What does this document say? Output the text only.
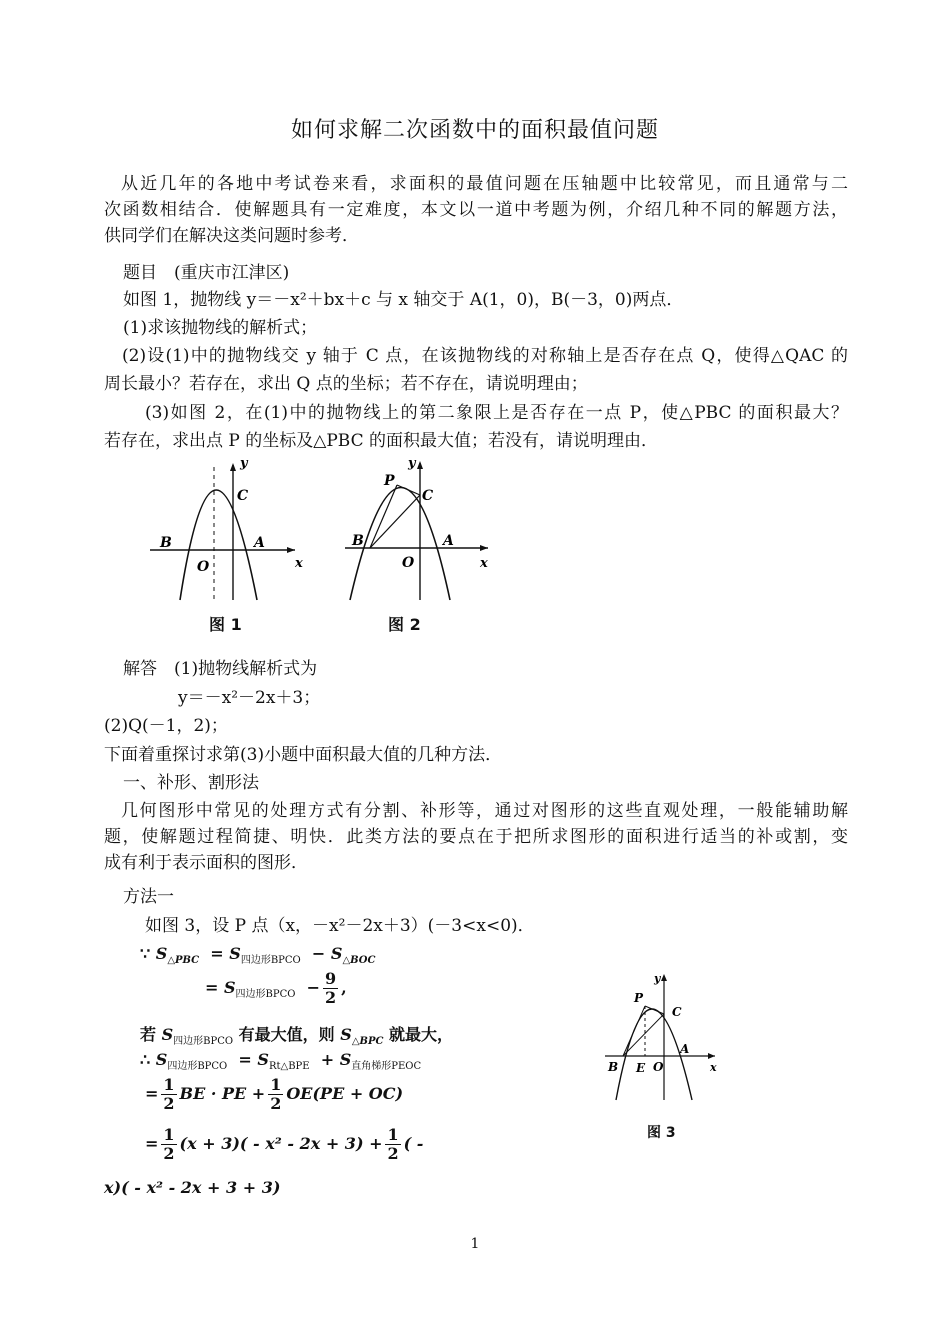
如何求解二次函数中的面积最值问题
从近几年的各地中考试卷来看，求面积的最值问题在压轴题中比较常见，而且通常与二
次函数相结合．使解题具有一定难度，本文以一道中考题为例，介绍几种不同的解题方法，
供同学们在解决这类问题时参考．
题目　(重庆市江津区)
如图 1，抛物线 y＝－x²＋bx＋c 与 x 轴交于 A(1，0)，B(－3，0)两点．
(1)求该抛物线的解析式；
(2)设(1)中的抛物线交 y 轴于 C 点，在该抛物线的对称轴上是否存在点 Q，使得△QAC 的
周长最小？若存在，求出 Q 点的坐标；若不存在，请说明理由；
(3)如图 2，在(1)中的抛物线上的第二象限上是否存在一点 P，使△PBC 的面积最大？
若存在，求出点 P 的坐标及△PBC 的面积最大值；若没有，请说明理由．
x
y
O
B	A
C
图 1
x
y
O
B	A
C
P
图 2
解答　(1)抛物线解析式为
y＝－x²－2x＋3；
(2)Q(－1，2)；
下面着重探讨求第(3)小题中面积最大值的几种方法．
一、补形、割形法
几何图形中常见的处理方式有分割、补形等，通过对图形的这些直观处理，一般能辅助解
题，使解题过程简捷、明快．此类方法的要点在于把所求图形的面积进行适当的补或割，变
成有利于表示面积的图形．
方法一
如图 3，设 P 点（x，－x²－2x＋3）(－3<x<0)．
∵ $S_{\triangle PBC} = S_{四边形BPCO} - S_{\triangle BOC}$
= $S_{四边形BPCO} - \frac{9}{2}$ ,
若 $S_{四边形BPCO}$ 有最大值，则 $S_{\triangle BPC}$ 就最大，
∴ $S_{四边形BPCO} = S_{Rt\triangle BPE} + S_{直角梯形PEOC}$
= $\frac{1}{2}$ BE · PE + $\frac{1}{2} OE(PE + OC)$
= $\frac{1}{2} (x + 3)( - x^2 - 2x + 3) + \frac{1}{2}$ ( -
x)( - x² - 2x + 3 + 3)
x
y
O
B E
A
C
P
图 3
1
